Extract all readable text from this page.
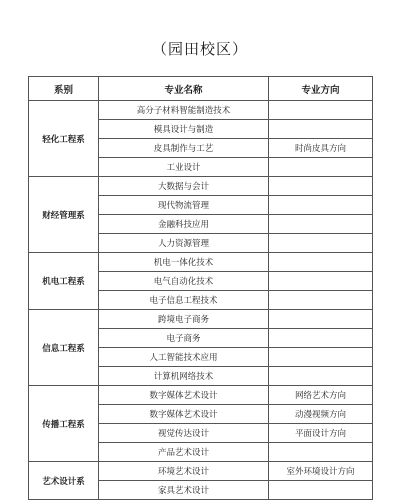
（园田校区）
系别	专业名称	专业方向
轻化工程系	高分子材料智能制造技术	
	模具设计与制造	
	皮具制作与工艺	时尚皮具方向
	工业设计	
财经管理系	大数据与会计	
	现代物流管理	
	金融科技应用	
	人力资源管理	
机电工程系	机电一体化技术	
	电气自动化技术	
	电子信息工程技术	
信息工程系	跨境电子商务	
	电子商务	
	人工智能技术应用	
	计算机网络技术	
传播工程系	数字媒体艺术设计	网络艺术方向
	数字媒体艺术设计	动漫视频方向
	视觉传达设计	平面设计方向
	产品艺术设计	
艺术设计系	环境艺术设计	室外环境设计方向
	家具艺术设计	
